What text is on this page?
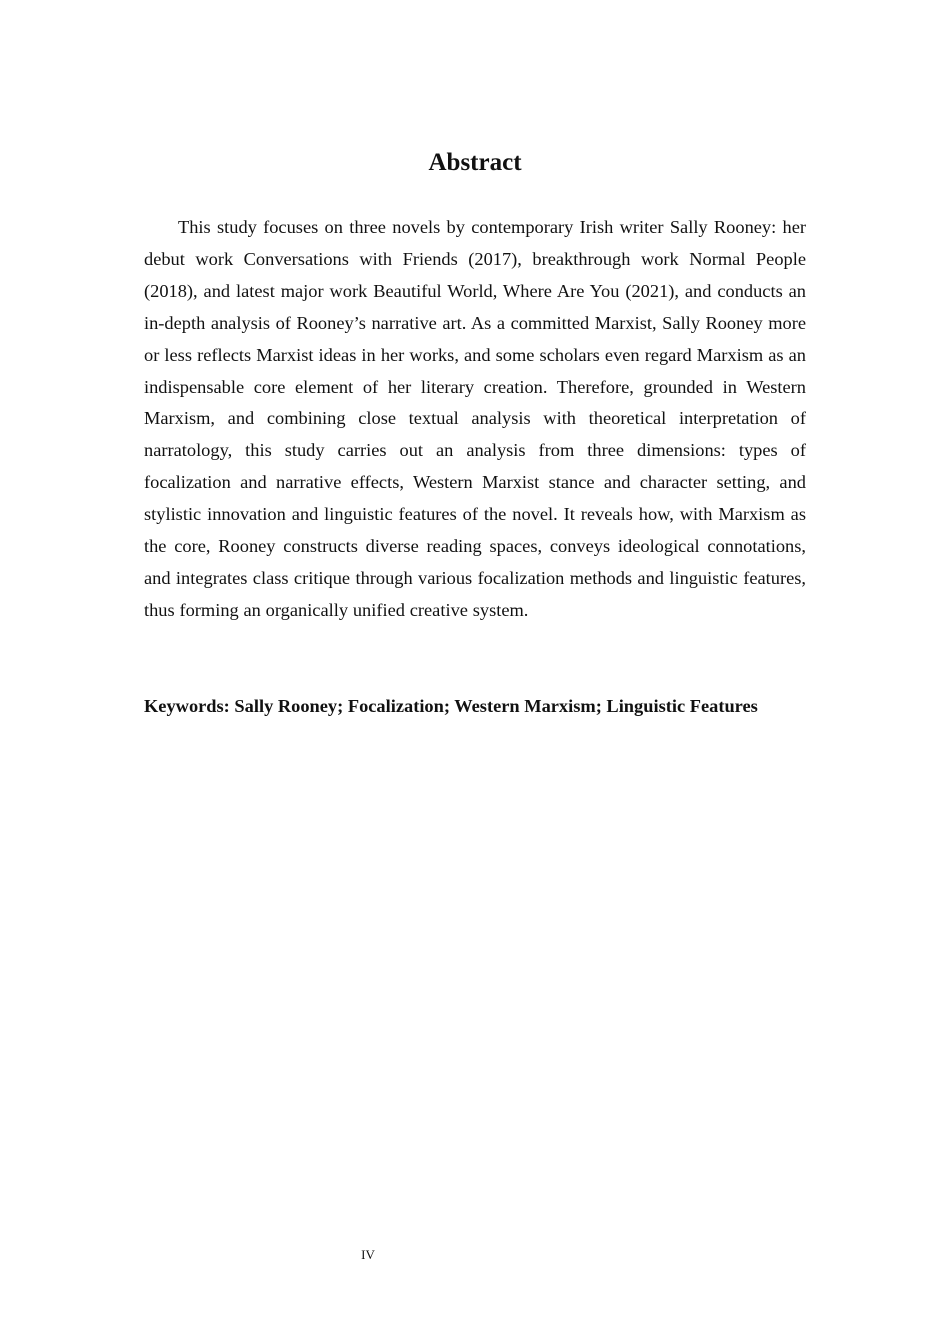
Abstract

This study focuses on three novels by contemporary Irish writer Sally Rooney: her debut work Conversations with Friends (2017), breakthrough work Normal People (2018), and latest major work Beautiful World, Where Are You (2021), and conducts an in-depth analysis of Rooney’s narrative art. As a committed Marxist, Sally Rooney more or less reflects Marxist ideas in her works, and some scholars even regard Marxism as an indispensable core element of her literary creation. Therefore, grounded in Western Marxism, and combining close textual analysis with theoretical interpretation of narratology, this study carries out an analysis from three dimensions: types of focalization and narrative effects, Western Marxist stance and character setting, and stylistic innovation and linguistic features of the novel. It reveals how, with Marxism as the core, Rooney constructs diverse reading spaces, conveys ideological connotations, and integrates class critique through various focalization methods and linguistic features, thus forming an organically unified creative system.

Keywords: Sally Rooney; Focalization; Western Marxism; Linguistic Features

IV
